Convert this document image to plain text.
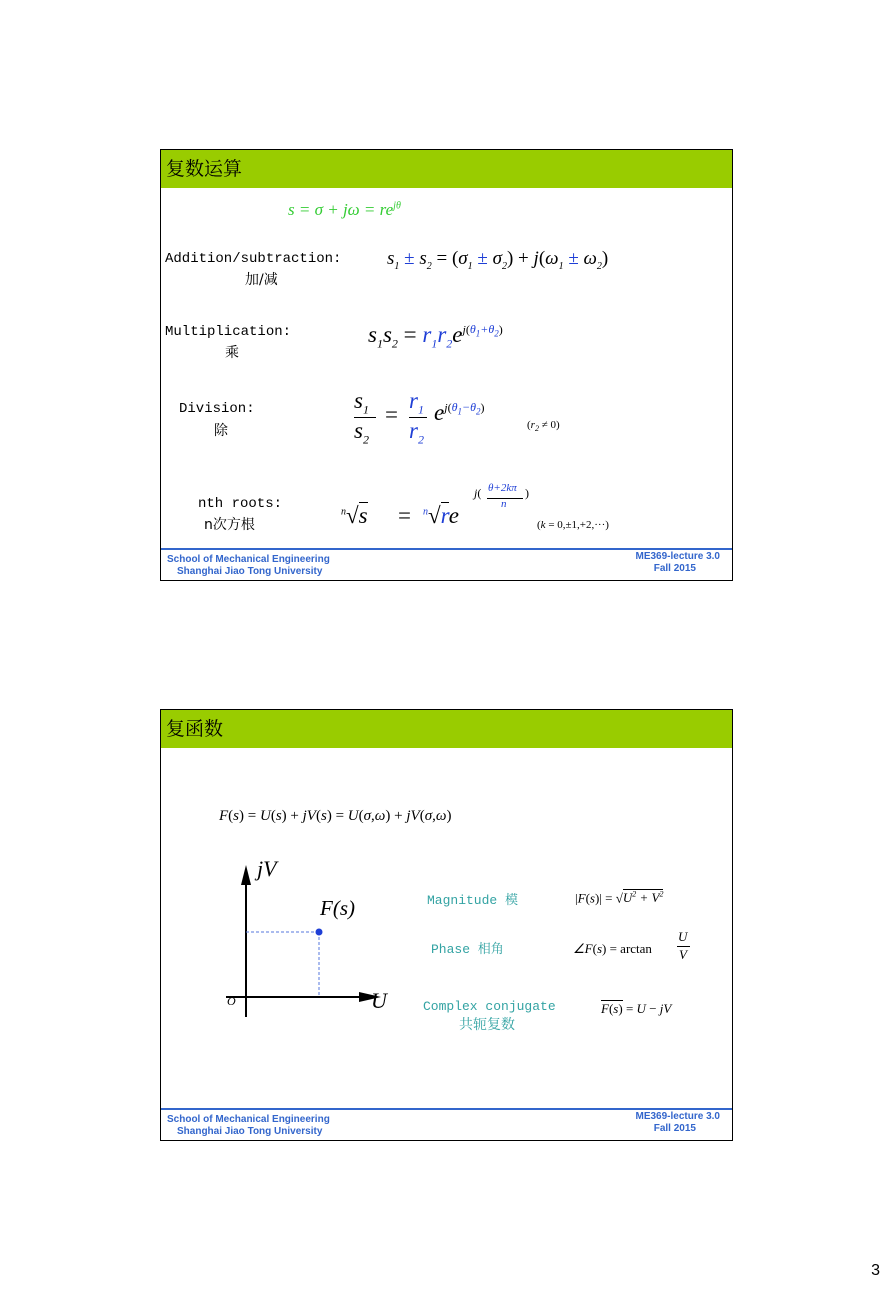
复数运算
$s = \sigma + j\omega = re^{j\theta}$
Addition/subtraction:
加/减
$s_1 \pm s_2 = (\sigma_1 \pm \sigma_2) + j(\omega_1 \pm \omega_2)$
Multiplication:
乘
$s_1s_2 = r_1r_2e^{j(\theta_1+\theta_2)}$
Division:
除
$s_1$
$s_2$
=
$r_1$
$r_2$
$e^{j(\theta_1-\theta_2)}$
$(r_2 \ne 0)$
nth roots:
n次方根
$^n$√s = $^n$√re
j( θ+2kπ
n
)
(k = 0,±1,+2,···)
School of Mechanical Engineering
Shanghai Jiao Tong University
ME369-lecture 3.0
Fall 2015
复函数
F(s) = U(s) + jV(s) = U(σ,ω) + jV(σ,ω)
jV
U
O
F(s)	Magnitude 模	$|F(s)| = √U^2 + V^2$
Phase 相角	∠F(s) = arctan
U
V
Complex conjugate
共轭复数
F(s) = U − jV
School of Mechanical Engineering
Shanghai Jiao Tong University
ME369-lecture 3.0
Fall 2015
3
